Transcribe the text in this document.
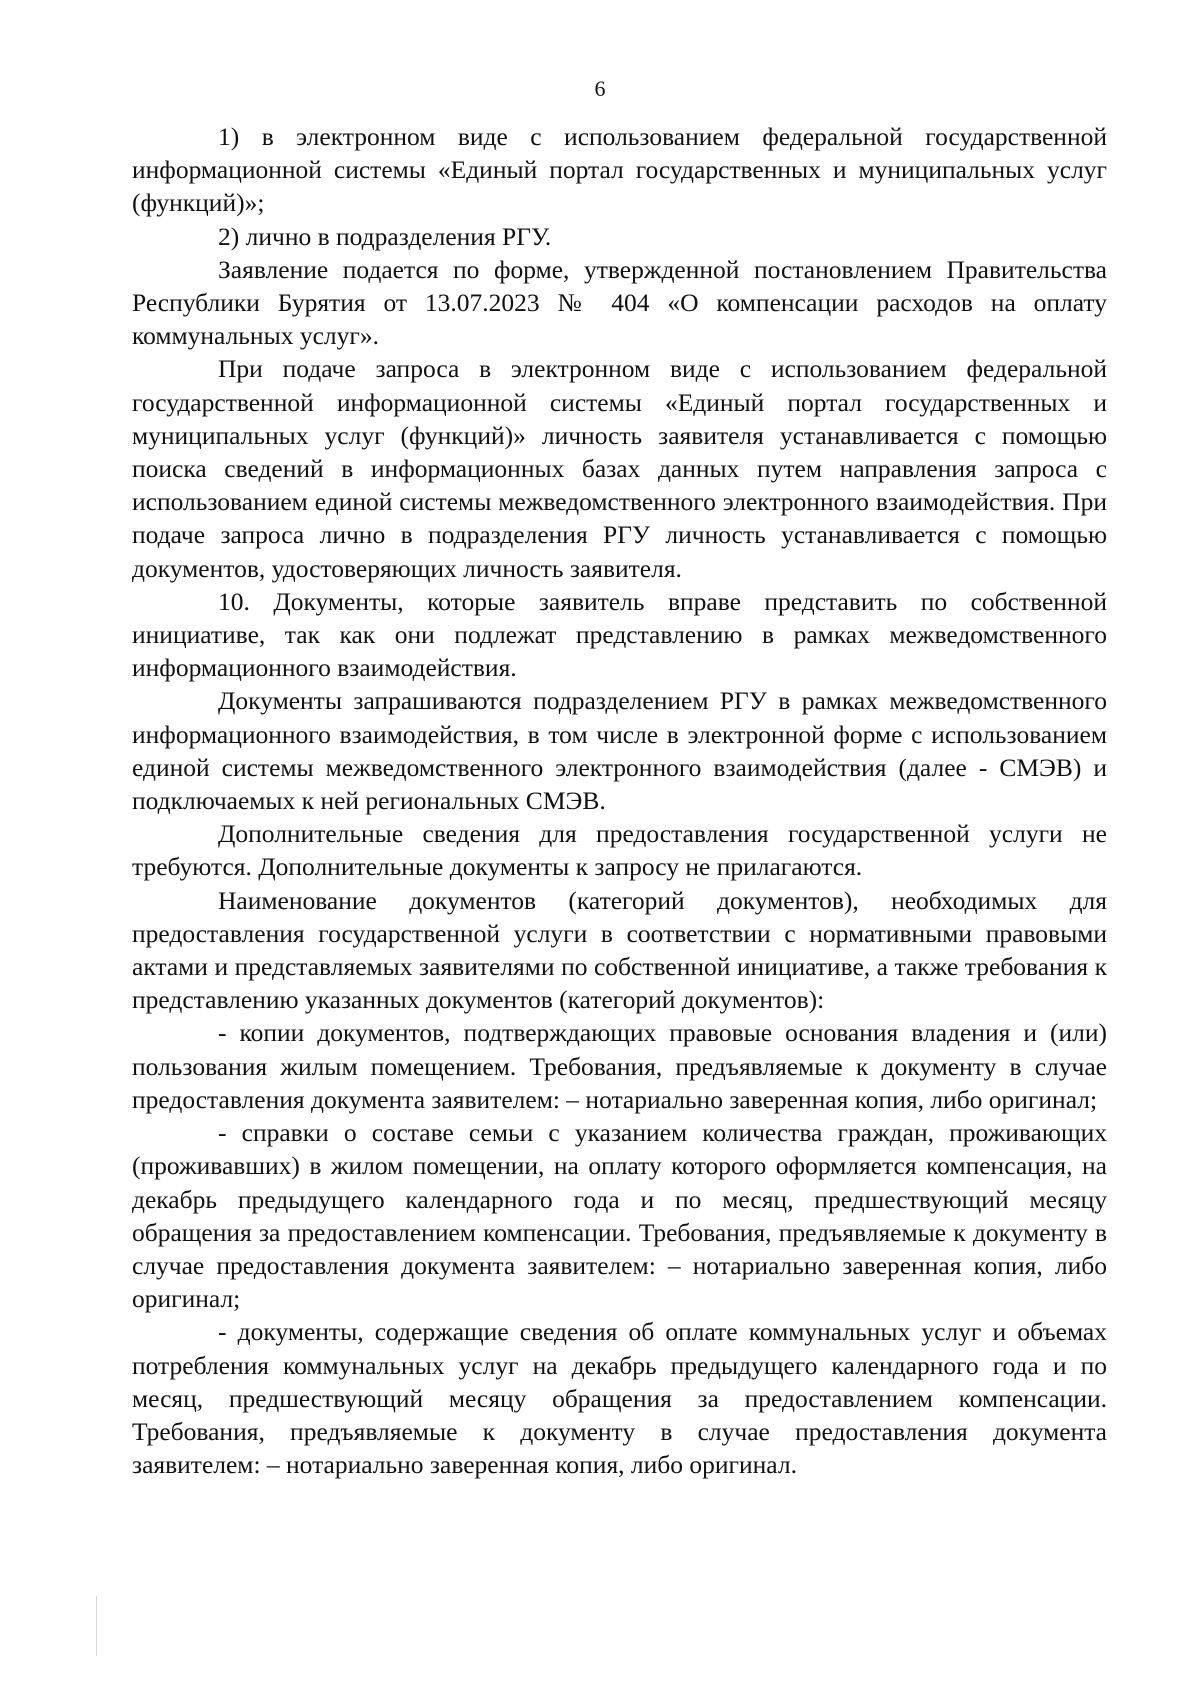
6

1) в электронном виде с использованием федеральной государственной информационной системы «Единый портал государственных и муниципальных услуг (функций)»;

2) лично в подразделения РГУ.

Заявление подается по форме, утвержденной постановлением Правительства Республики Бурятия от 13.07.2023 № 404 «О компенсации расходов на оплату коммунальных услуг».

При подаче запроса в электронном виде с использованием федеральной государственной информационной системы «Единый портал государственных и муниципальных услуг (функций)» личность заявителя устанавливается с помощью поиска сведений в информационных базах данных путем направления запроса с использованием единой системы межведомственного электронного взаимодействия. При подаче запроса лично в подразделения РГУ личность устанавливается с помощью документов, удостоверяющих личность заявителя.

10. Документы, которые заявитель вправе представить по собственной инициативе, так как они подлежат представлению в рамках межведомственного информационного взаимодействия.

Документы запрашиваются подразделением РГУ в рамках межведомственного информационного взаимодействия, в том числе в электронной форме с использованием единой системы межведомственного электронного взаимодействия (далее - СМЭВ) и подключаемых к ней региональных СМЭВ.

Дополнительные сведения для предоставления государственной услуги не требуются. Дополнительные документы к запросу не прилагаются.

Наименование документов (категорий документов), необходимых для предоставления государственной услуги в соответствии с нормативными правовыми актами и представляемых заявителями по собственной инициативе, а также требования к представлению указанных документов (категорий документов):

- копии документов, подтверждающих правовые основания владения и (или) пользования жилым помещением. Требования, предъявляемые к документу в случае предоставления документа заявителем: – нотариально заверенная копия, либо оригинал;

- справки о составе семьи с указанием количества граждан, проживающих (проживавших) в жилом помещении, на оплату которого оформляется компенсация, на декабрь предыдущего календарного года и по месяц, предшествующий месяцу обращения за предоставлением компенсации. Требования, предъявляемые к документу в случае предоставления документа заявителем: – нотариально заверенная копия, либо оригинал;

- документы, содержащие сведения об оплате коммунальных услуг и объемах потребления коммунальных услуг на декабрь предыдущего календарного года и по месяц, предшествующий месяцу обращения за предоставлением компенсации. Требования, предъявляемые к документу в случае предоставления документа заявителем: – нотариально заверенная копия, либо оригинал.
